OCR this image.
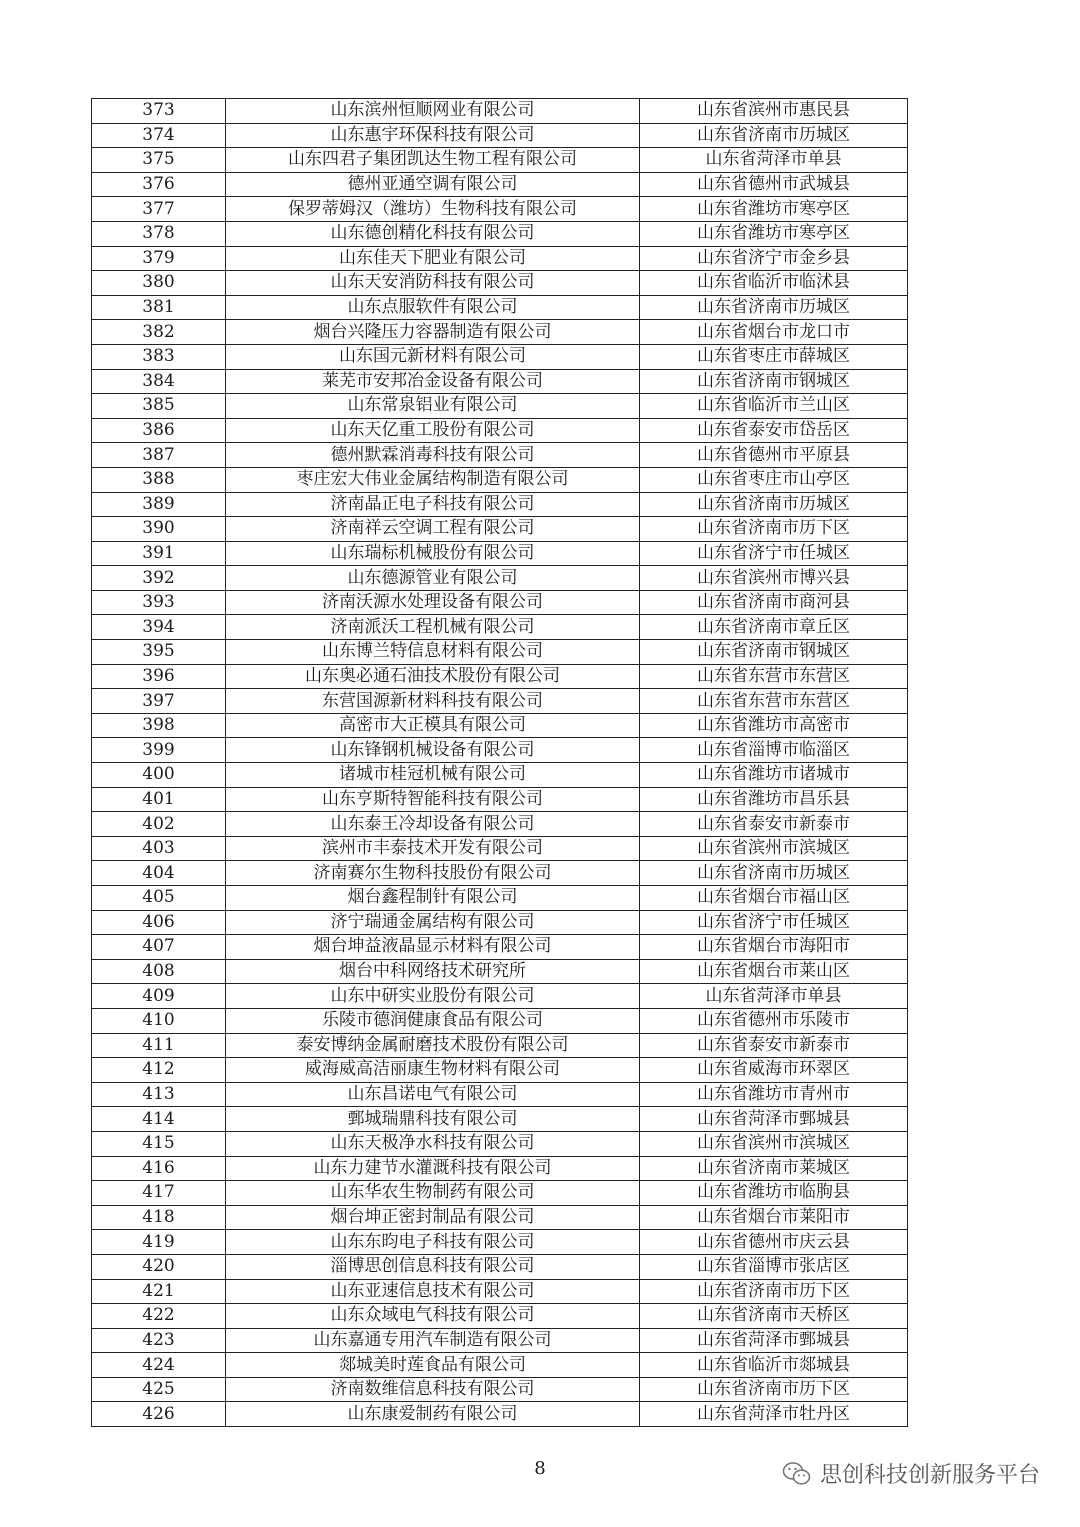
373	山东滨州恒顺网业有限公司	山东省滨州市惠民县
374	山东惠宇环保科技有限公司	山东省济南市历城区
375	山东四君子集团凯达生物工程有限公司	山东省菏泽市单县
376	德州亚通空调有限公司	山东省德州市武城县
377	保罗蒂姆汉（潍坊）生物科技有限公司	山东省潍坊市寒亭区
378	山东德创精化科技有限公司	山东省潍坊市寒亭区
379	山东佳天下肥业有限公司	山东省济宁市金乡县
380	山东天安消防科技有限公司	山东省临沂市临沭县
381	山东点服软件有限公司	山东省济南市历城区
382	烟台兴隆压力容器制造有限公司	山东省烟台市龙口市
383	山东国元新材料有限公司	山东省枣庄市薛城区
384	莱芜市安邦冶金设备有限公司	山东省济南市钢城区
385	山东常泉铝业有限公司	山东省临沂市兰山区
386	山东天亿重工股份有限公司	山东省泰安市岱岳区
387	德州默霖消毒科技有限公司	山东省德州市平原县
388	枣庄宏大伟业金属结构制造有限公司	山东省枣庄市山亭区
389	济南晶正电子科技有限公司	山东省济南市历城区
390	济南祥云空调工程有限公司	山东省济南市历下区
391	山东瑞标机械股份有限公司	山东省济宁市任城区
392	山东德源管业有限公司	山东省滨州市博兴县
393	济南沃源水处理设备有限公司	山东省济南市商河县
394	济南派沃工程机械有限公司	山东省济南市章丘区
395	山东博兰特信息材料有限公司	山东省济南市钢城区
396	山东奥必通石油技术股份有限公司	山东省东营市东营区
397	东营国源新材料科技有限公司	山东省东营市东营区
398	高密市大正模具有限公司	山东省潍坊市高密市
399	山东锋钢机械设备有限公司	山东省淄博市临淄区
400	诸城市桂冠机械有限公司	山东省潍坊市诸城市
401	山东亨斯特智能科技有限公司	山东省潍坊市昌乐县
402	山东泰王冷却设备有限公司	山东省泰安市新泰市
403	滨州市丰泰技术开发有限公司	山东省滨州市滨城区
404	济南赛尔生物科技股份有限公司	山东省济南市历城区
405	烟台鑫程制针有限公司	山东省烟台市福山区
406	济宁瑞通金属结构有限公司	山东省济宁市任城区
407	烟台坤益液晶显示材料有限公司	山东省烟台市海阳市
408	烟台中科网络技术研究所	山东省烟台市莱山区
409	山东中研实业股份有限公司	山东省菏泽市单县
410	乐陵市德润健康食品有限公司	山东省德州市乐陵市
411	泰安博纳金属耐磨技术股份有限公司	山东省泰安市新泰市
412	威海威高洁丽康生物材料有限公司	山东省威海市环翠区
413	山东昌诺电气有限公司	山东省潍坊市青州市
414	鄄城瑞鼎科技有限公司	山东省菏泽市鄄城县
415	山东天极净水科技有限公司	山东省滨州市滨城区
416	山东力建节水灌溉科技有限公司	山东省济南市莱城区
417	山东华农生物制药有限公司	山东省潍坊市临朐县
418	烟台坤正密封制品有限公司	山东省烟台市莱阳市
419	山东东昀电子科技有限公司	山东省德州市庆云县
420	淄博思创信息科技有限公司	山东省淄博市张店区
421	山东亚速信息技术有限公司	山东省济南市历下区
422	山东众域电气科技有限公司	山东省济南市天桥区
423	山东嘉通专用汽车制造有限公司	山东省菏泽市鄄城县
424	郯城美时莲食品有限公司	山东省临沂市郯城县
425	济南数维信息科技有限公司	山东省济南市历下区
426	山东康爱制药有限公司	山东省菏泽市牡丹区
8	思创科技创新服务平台
